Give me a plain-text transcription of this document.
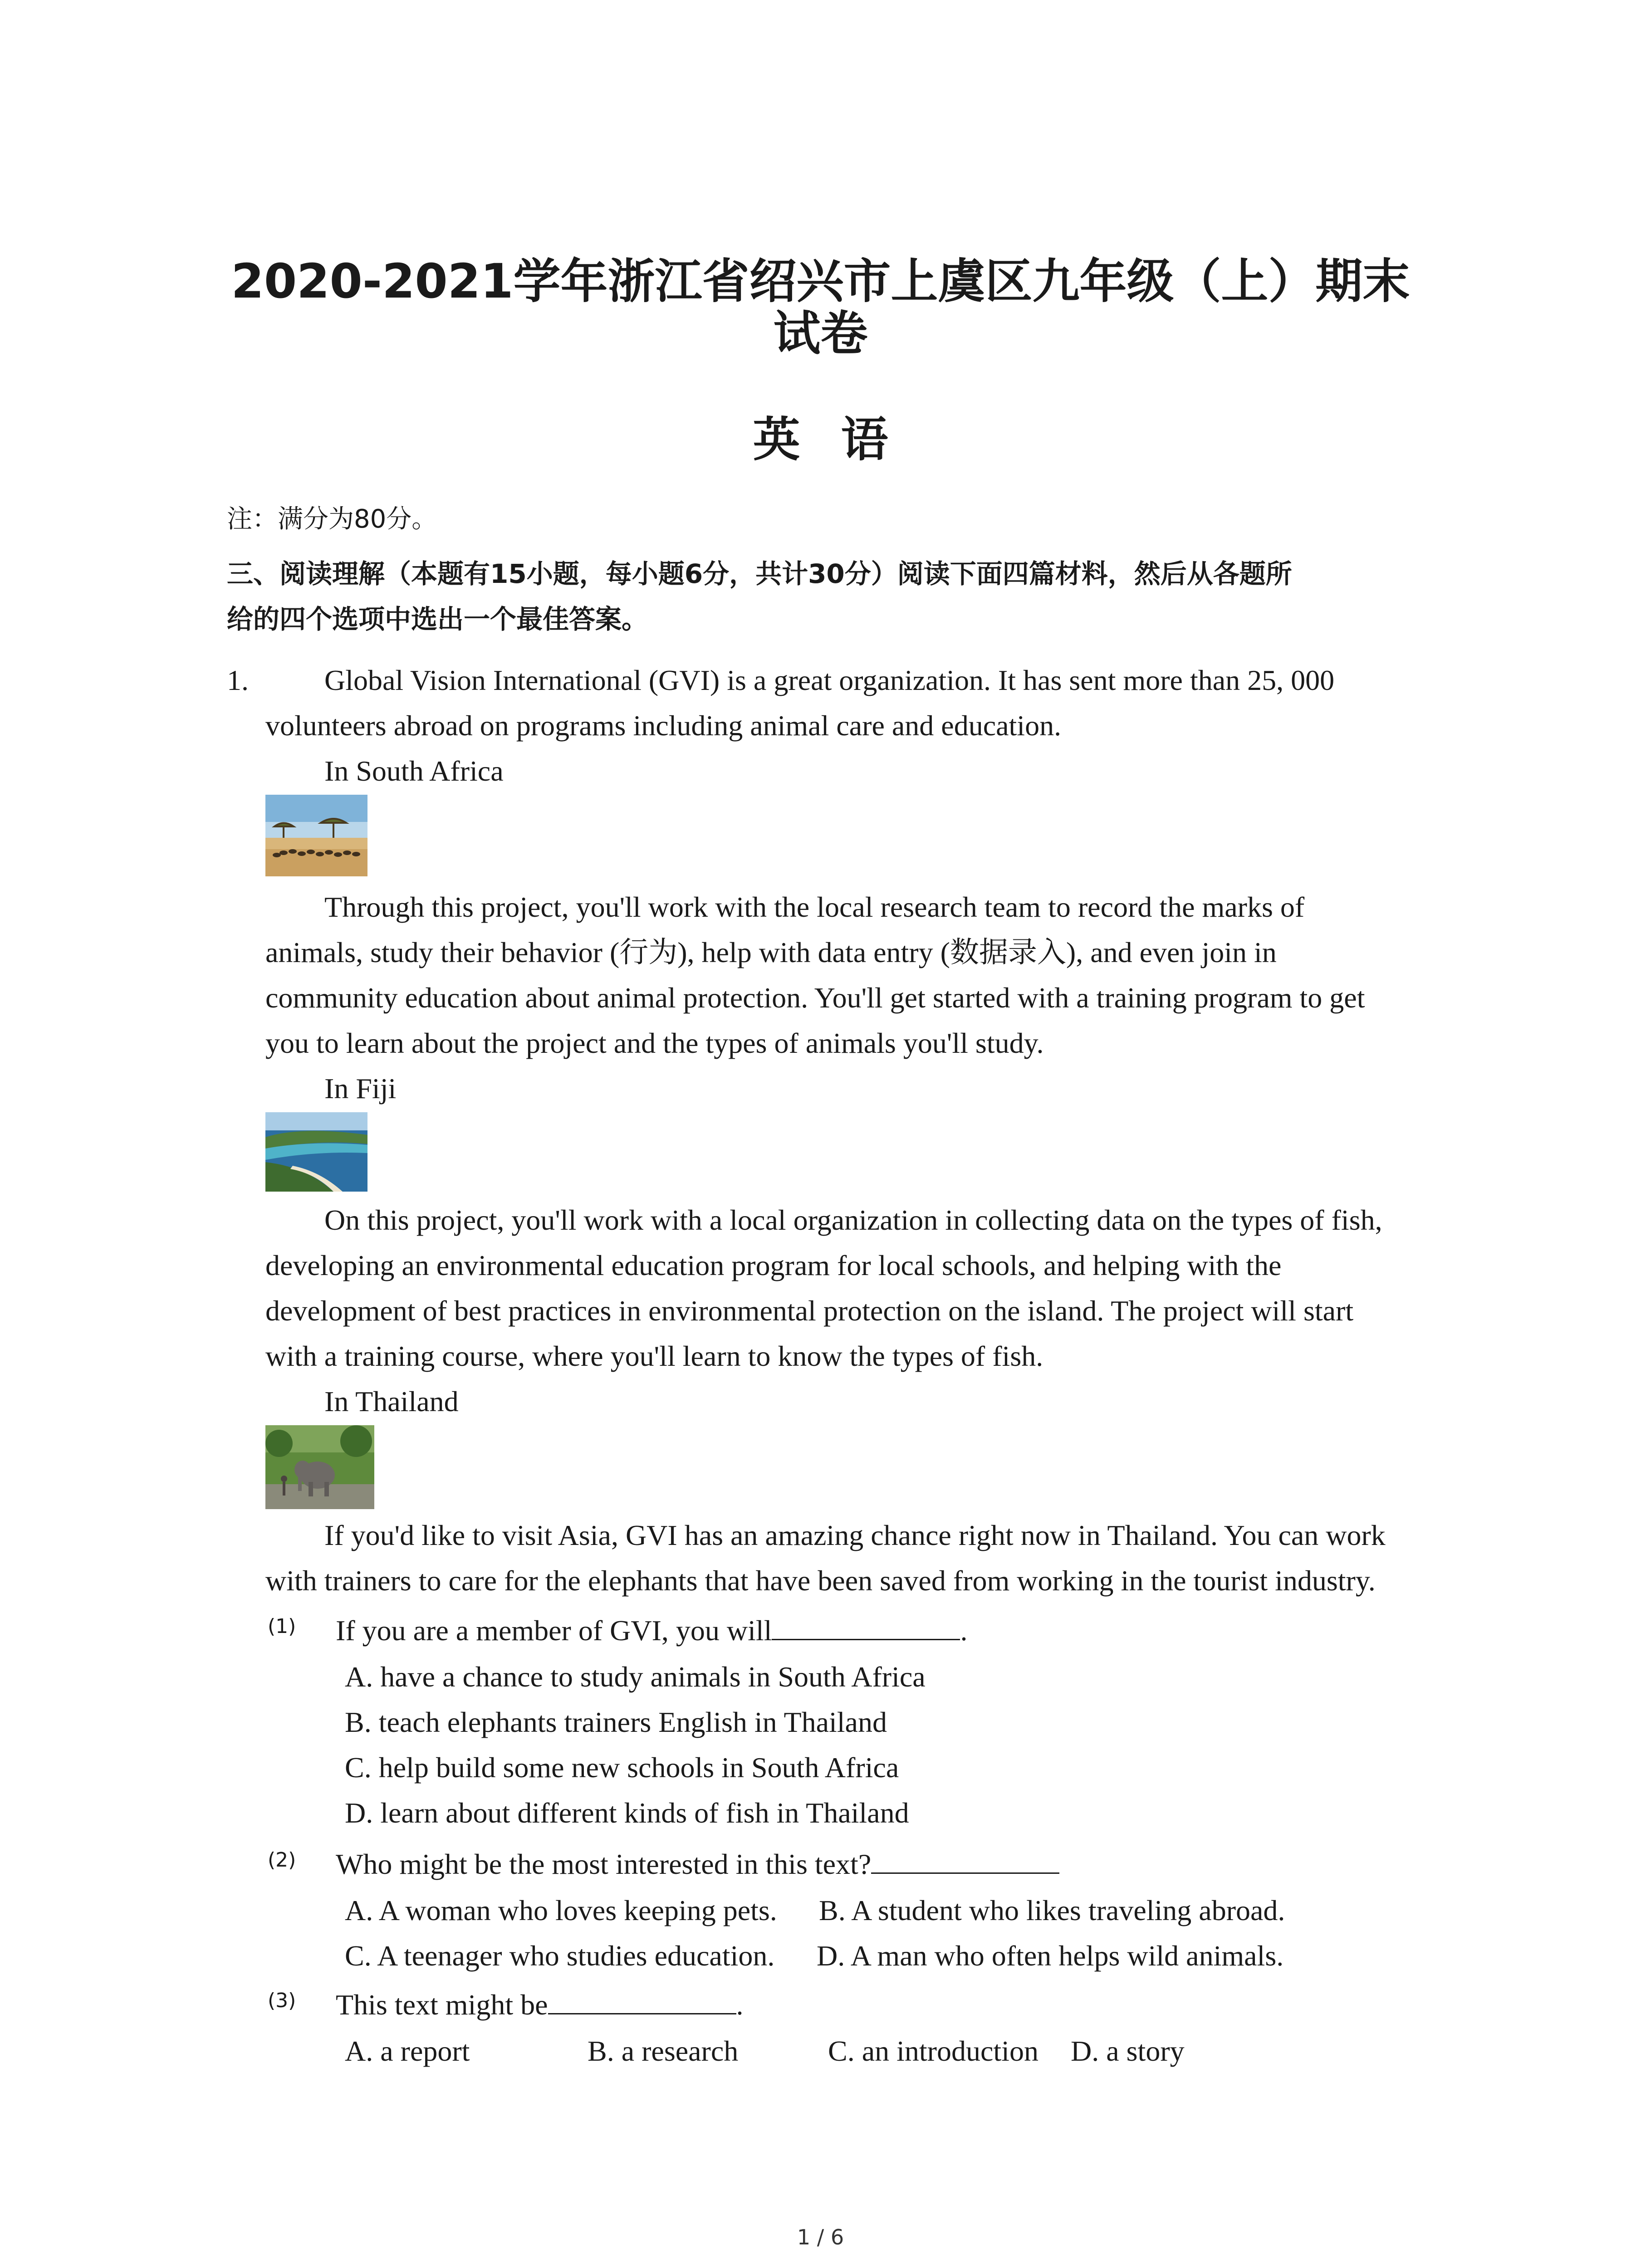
2020-2021学年浙江省绍兴市上虞区九年级（上）期末
试卷
英语
注：满分为80分。
三、阅读理解（本题有15小题，每小题6分，共计30分）阅读下面四篇材料，然后从各题所
给的四个选项中选出一个最佳答案。
1.	Global Vision International (GVI) is a great organization. It has sent more than 25, 000
volunteers abroad on programs including animal care and education.
In South Africa
Through this project, you'll work with the local research team to record the marks of
animals, study their behavior (行为), help with data entry (数据录入), and even join in
community education about animal protection. You'll get started with a training program to get
you to learn about the project and the types of animals you'll study.
In Fiji
On this project, you'll work with a local organization in collecting data on the types of fish,
developing an environmental education program for local schools, and helping with the
development of best practices in environmental protection on the island. The project will start
with a training course, where you'll learn to know the types of fish.
In Thailand
If you'd like to visit Asia, GVI has an amazing chance right now in Thailand. You can work
with trainers to care for the elephants that have been saved from working in the tourist industry.
(1) If you are a member of GVI, you will	.
A. have a chance to study animals in South Africa
B. teach elephants trainers English in Thailand
C. help build some new schools in South Africa
D. learn about different kinds of fish in Thailand
(2) Who might be the most interested in this text?
A. A woman who loves keeping pets. B. A student who likes traveling abroad.
C. A teenager who studies education. D. A man who often helps wild animals.
(3) This text might be	.
A. a report	B. a research	C. an introduction D. a story
1 / 6
